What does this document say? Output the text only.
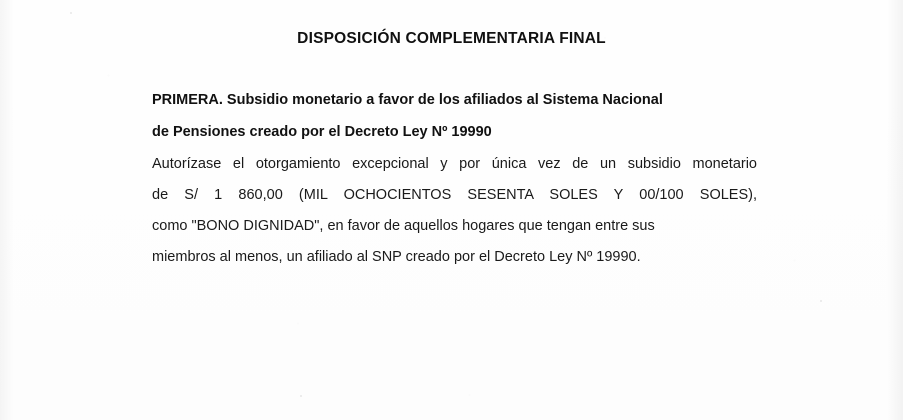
DISPOSICIÓN COMPLEMENTARIA FINAL

PRIMERA. Subsidio monetario a favor de los afiliados al Sistema Nacional

de Pensiones creado por el Decreto Ley Nº 19990

Autorízase el otorgamiento excepcional y por única vez de un subsidio monetario de S/ 1 860,00 (MIL OCHOCIENTOS SESENTA SOLES Y 00/100 SOLES), como "BONO DIGNIDAD", en favor de aquellos hogares que tengan entre sus
miembros al menos, un afiliado al SNP creado por el Decreto Ley Nº 19990.
